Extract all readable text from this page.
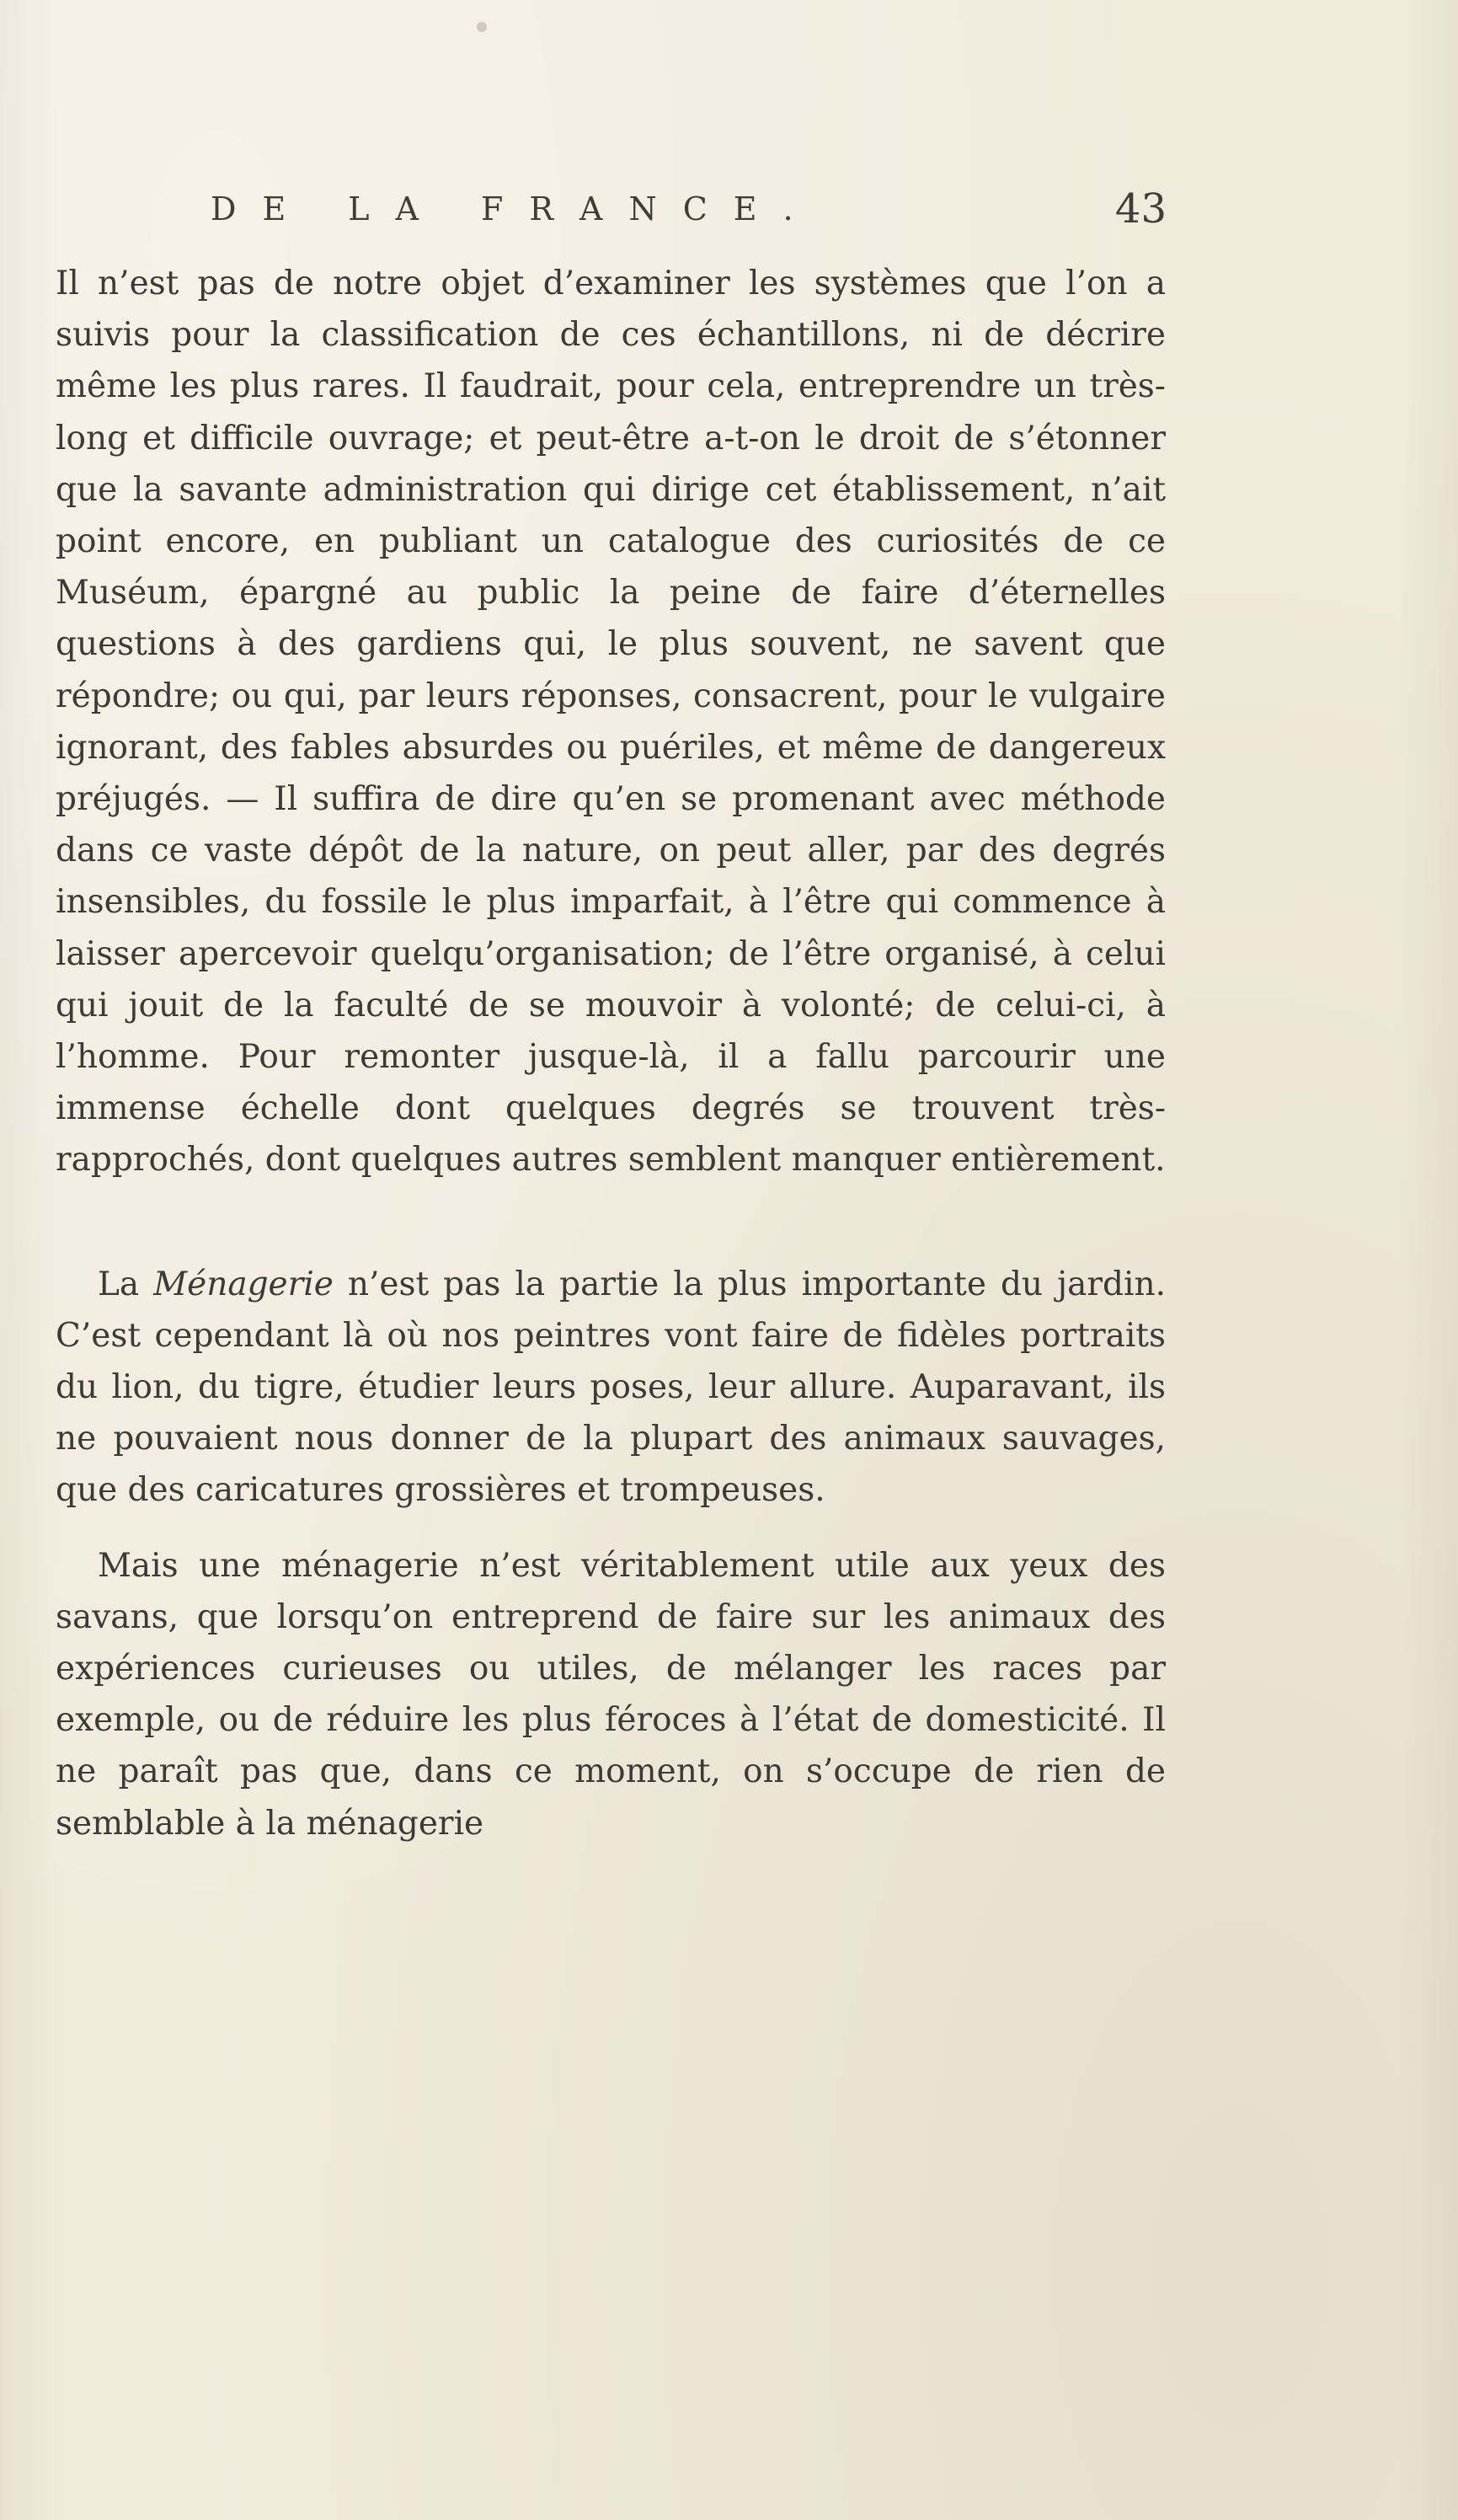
DE LA FRANCE.	43

Il n’est pas de notre objet d’examiner les systèmes que l’on a suivis pour la classification de ces échantillons, ni de décrire même les plus rares. Il faudrait, pour cela, entreprendre un très-long et difficile ouvrage; et peut-être a-t-on le droit de s’étonner que la savante administration qui dirige cet établissement, n’ait point encore, en publiant un catalogue des curiosités de ce Muséum, épargné au public la peine de faire d’éternelles questions à des gardiens qui, le plus souvent, ne savent que répondre; ou qui, par leurs réponses, consacrent, pour le vulgaire ignorant, des fables absurdes ou puériles, et même de dangereux préjugés. — Il suffira de dire qu’en se promenant avec méthode dans ce vaste dépôt de la nature, on peut aller, par des degrés insensibles, du fossile le plus imparfait, à l’être qui commence à laisser apercevoir quelqu’organisation; de l’être organisé, à celui qui jouit de la faculté de se mouvoir à volonté; de celui-ci, à l’homme. Pour remonter jusque-là, il a fallu parcourir une immense échelle dont quelques degrés se trouvent très-rapprochés, dont quelques autres semblent manquer entièrement.

La Ménagerie n’est pas la partie la plus importante du jardin. C’est cependant là où nos peintres vont faire de fidèles portraits du lion, du tigre, étudier leurs poses, leur allure. Auparavant, ils ne pouvaient nous donner de la plupart des animaux sauvages, que des caricatures grossières et trompeuses.

Mais une ménagerie n’est véritablement utile aux yeux des savans, que lorsqu’on entreprend de faire sur les animaux des expériences curieuses ou utiles, de mélanger les races par exemple, ou de réduire les plus féroces à l’état de domesticité. Il ne paraît pas que, dans ce moment, on s’occupe de rien de semblable à la ménagerie
